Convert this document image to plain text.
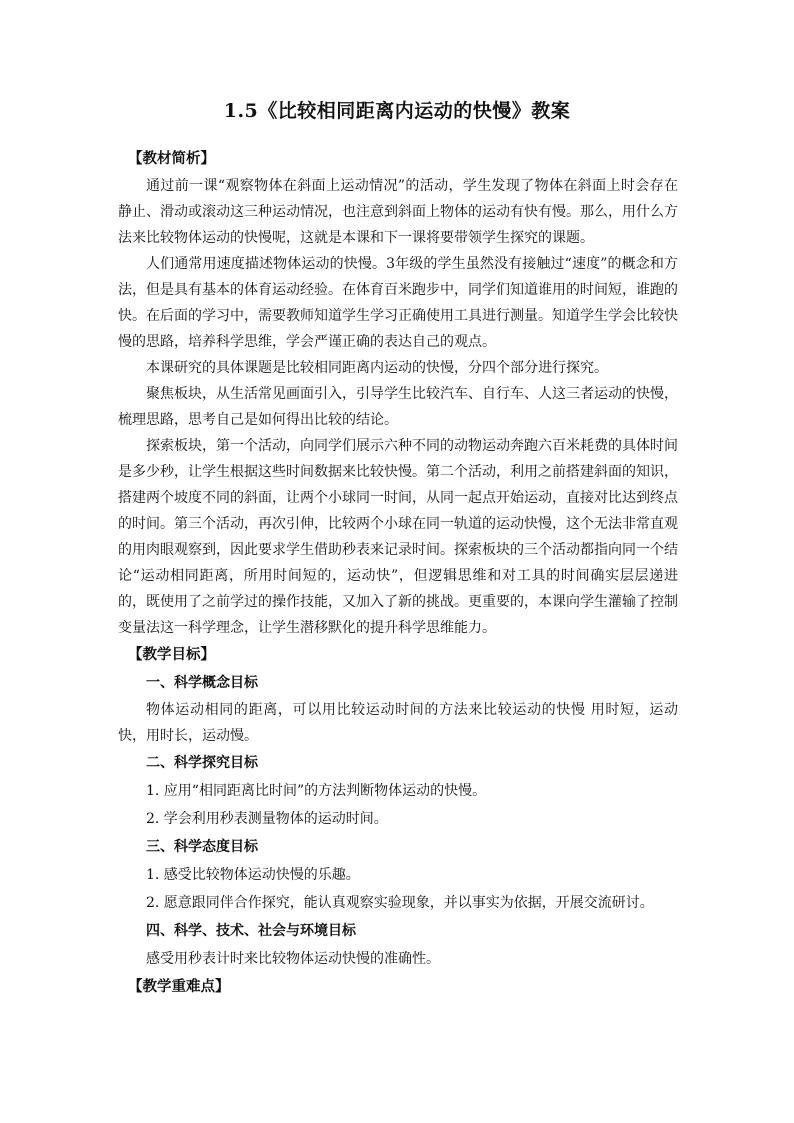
1.5《比较相同距离内运动的快慢》教案

【教材简析】

通过前一课“观察物体在斜面上运动情况”的活动，学生发现了物体在斜面上时会存在静止、滑动或滚动这三种运动情况，也注意到斜面上物体的运动有快有慢。那么，用什么方法来比较物体运动的快慢呢，这就是本课和下一课将要带领学生探究的课题。

人们通常用速度描述物体运动的快慢。3年级的学生虽然没有接触过“速度”的概念和方法，但是具有基本的体育运动经验。在体育百米跑步中，同学们知道谁用的时间短，谁跑的快。在后面的学习中，需要教师知道学生学习正确使用工具进行测量。知道学生学会比较快慢的思路，培养科学思维，学会严谨正确的表达自己的观点。

本课研究的具体课题是比较相同距离内运动的快慢，分四个部分进行探究。

聚焦板块，从生活常见画面引入，引导学生比较汽车、自行车、人这三者运动的快慢，梳理思路，思考自己是如何得出比较的结论。

探索板块，第一个活动，向同学们展示六种不同的动物运动奔跑六百米耗费的具体时间是多少秒，让学生根据这些时间数据来比较快慢。第二个活动，利用之前搭建斜面的知识，搭建两个坡度不同的斜面，让两个小球同一时间，从同一起点开始运动，直接对比达到终点的时间。第三个活动，再次引伸，比较两个小球在同一轨道的运动快慢，这个无法非常直观的用肉眼观察到，因此要求学生借助秒表来记录时间。探索板块的三个活动都指向同一个结论“运动相同距离，所用时间短的，运动快”，但逻辑思维和对工具的时间确实层层递进的，既使用了之前学过的操作技能，又加入了新的挑战。更重要的，本课向学生灌输了控制变量法这一科学理念，让学生潜移默化的提升科学思维能力。

【教学目标】

一、科学概念目标

物体运动相同的距离，可以用比较运动时间的方法来比较运动的快慢 用时短，运动快，用时长，运动慢。

二、科学探究目标

1. 应用“相同距离比时间”的方法判断物体运动的快慢。

2. 学会利用秒表测量物体的运动时间。

三、科学态度目标

1. 感受比较物体运动快慢的乐趣。

2. 愿意跟同伴合作探究，能认真观察实验现象，并以事实为依据，开展交流研讨。

四、科学、技术、社会与环境目标

感受用秒表计时来比较物体运动快慢的准确性。

【教学重难点】
